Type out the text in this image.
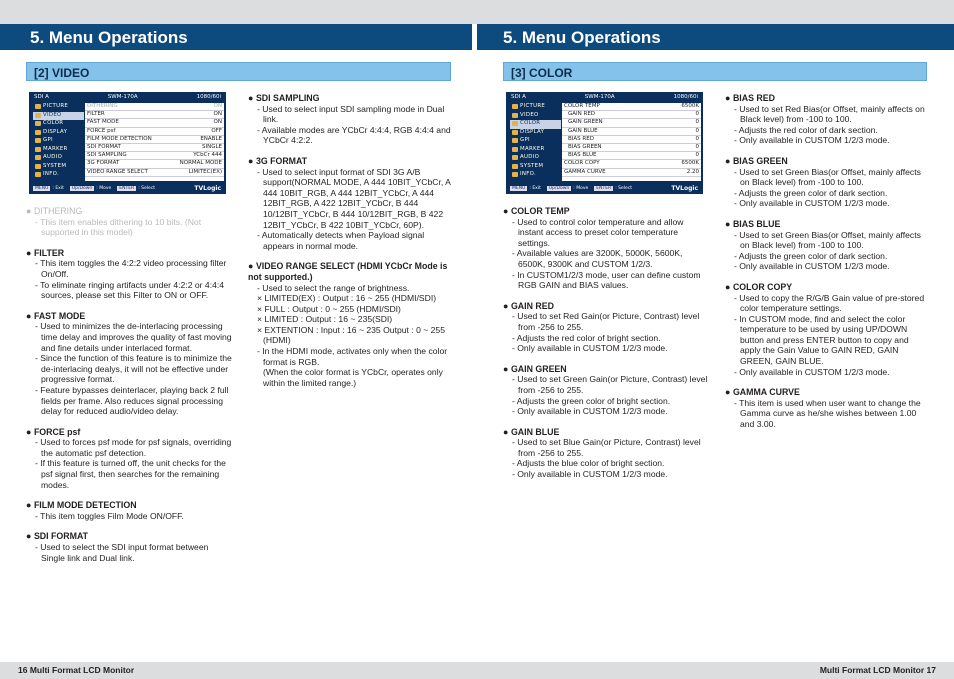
5. Menu Operations
[2] VIDEO
SDI A	SWM-170A	1080/60i
PICTURE
VIDEO
COLOR
DISPLAY
GPI
MARKER
AUDIO
SYSTEM
INFO.
DITHERING	ON
FILTER	ON
FAST MODE	ON
FORCE psf	OFF
FILM MODE DETECTION	ENABLE
SDI FORMAT	SINGLE
SDI SAMPLING	YCbCr 444
3G FORMAT	NORMAL MODE
VIDEO RANGE SELECT	LIMITEC(EX)
MENU : Exit	Up/Down : Move	ENTER : Select	TVLogic
● DITHERING
- This item enables dithering to 10 bits. (Not supported in this model)
● FILTER
- This item toggles the 4:2:2 video processing filter On/Off.
- To eliminate ringing artifacts under 4:2:2 or 4:4:4 sources, please set this Filter to ON or OFF.
● FAST MODE
- Used to minimizes the de-interlacing processing time delay and improves the quality of fast moving and fine details under interlaced format.
- Since the function of this feature is to minimize the de-interlacing dealys, it will not be effective under progressive format.
- Feature bypasses deinterlacer, playing back 2 full fields per frame. Also reduces signal processing delay for reduced audio/video delay.
● FORCE psf
- Used to forces psf mode for psf signals, overriding the automatic psf detection.
- If this feature is turned off, the unit checks for the psf signal first, then searches for the remaining modes.
● FILM MODE DETECTION
- This item toggles Film Mode ON/OFF.
● SDI FORMAT
- Used to select the SDI input format between Single link and Dual link.
● SDI SAMPLING
- Used to select input SDI sampling mode in Dual link.
- Available modes are YCbCr 4:4:4, RGB 4:4:4 and YCbCr 4:2:2.
● 3G FORMAT
- Used to select input format of SDI 3G A/B support(NORMAL MODE, A 444 10BIT_YCbCr, A 444 10BIT_RGB, A 444 12BIT_YCbCr, A 444 12BIT_RGB, A 422 12BIT_YCbCr, B 444 10/12BIT_YCbCr, B 444 10/12BIT_RGB, B 422 12BIT_YCbCr, B 422 10BIT_YCbCr, 60P).
- Automatically detects when Payload signal appears in normal mode.
● VIDEO RANGE SELECT (HDMI YCbCr Mode is not supported.)
- Used to select the range of brightness.
× LIMITED(EX) : Output : 16 ~ 255 (HDMI/SDI)
× FULL : Output : 0 ~ 255 (HDMI/SDI)
× LIMITED : Output : 16 ~ 235(SDI)
× EXTENTION : Input : 16 ~ 235 Output : 0 ~ 255 (HDMI)
- In the HDMI mode, activates only when the color format is RGB.
(When the color format is YCbCr, operates only within the limited range.)
16 Multi Format LCD Monitor
5. Menu Operations
[3] COLOR
SDI A	SWM-170A	1080/60i
PICTURE
VIDEO
COLOR
DISPLAY
GPI
MARKER
AUDIO
SYSTEM
INFO.
COLOR TEMP	6500K
GAIN RED	0
GAIN GREEN	0
GAIN BLUE	0
BIAS RED	0
BIAS GREEN	0
BIAS BLUE	0
COLOR COPY	6500K
GAMMA CURVE	2.20
MENU : Exit	Up/Down : Move	ENTER : Select	TVLogic
● COLOR TEMP
- Used to control color temperature and allow instant access to preset color temperature settings.
- Available values are 3200K, 5000K, 5600K, 6500K, 9300K and CUSTOM 1/2/3.
- In CUSTOM1/2/3 mode, user can define custom RGB GAIN and BIAS values.
● GAIN RED
- Used to set Red Gain(or Picture, Contrast) level from -256 to 255.
- Adjusts the red color of bright section.
- Only available in CUSTOM 1/2/3 mode.
● GAIN GREEN
- Used to set Green Gain(or Picture, Contrast) level from -256 to 255.
- Adjusts the green color of bright section.
- Only available in CUSTOM 1/2/3 mode.
● GAIN BLUE
- Used to set Blue Gain(or Picture, Contrast) level from -256 to 255.
- Adjusts the blue color of bright section.
- Only available in CUSTOM 1/2/3 mode.
● BIAS RED
- Used to set Red Bias(or Offset, mainly affects on Black level) from -100 to 100.
- Adjusts the red color of dark section.
- Only available in CUSTOM 1/2/3 mode.
● BIAS GREEN
- Used to set Green Bias(or Offset, mainly affects on Black level) from -100 to 100.
- Adjusts the green color of dark section.
- Only available in CUSTOM 1/2/3 mode.
● BIAS BLUE
- Used to set Green Bias(or Offset, mainly affects on Black level) from -100 to 100.
- Adjusts the green color of dark section.
- Only available in CUSTOM 1/2/3 mode.
● COLOR COPY
- Used to copy the R/G/B Gain value of pre-stored color temperature settings.
- In CUSTOM mode, find and select the color temperature to be used by using UP/DOWN button and press ENTER button to copy and apply the Gain Value to GAIN RED, GAIN GREEN, GAIN BLUE.
- Only available in CUSTOM 1/2/3 mode.
● GAMMA CURVE
- This item is used when user want to change the Gamma curve as he/she wishes between 1.00 and 3.00.
Multi Format LCD Monitor 17
